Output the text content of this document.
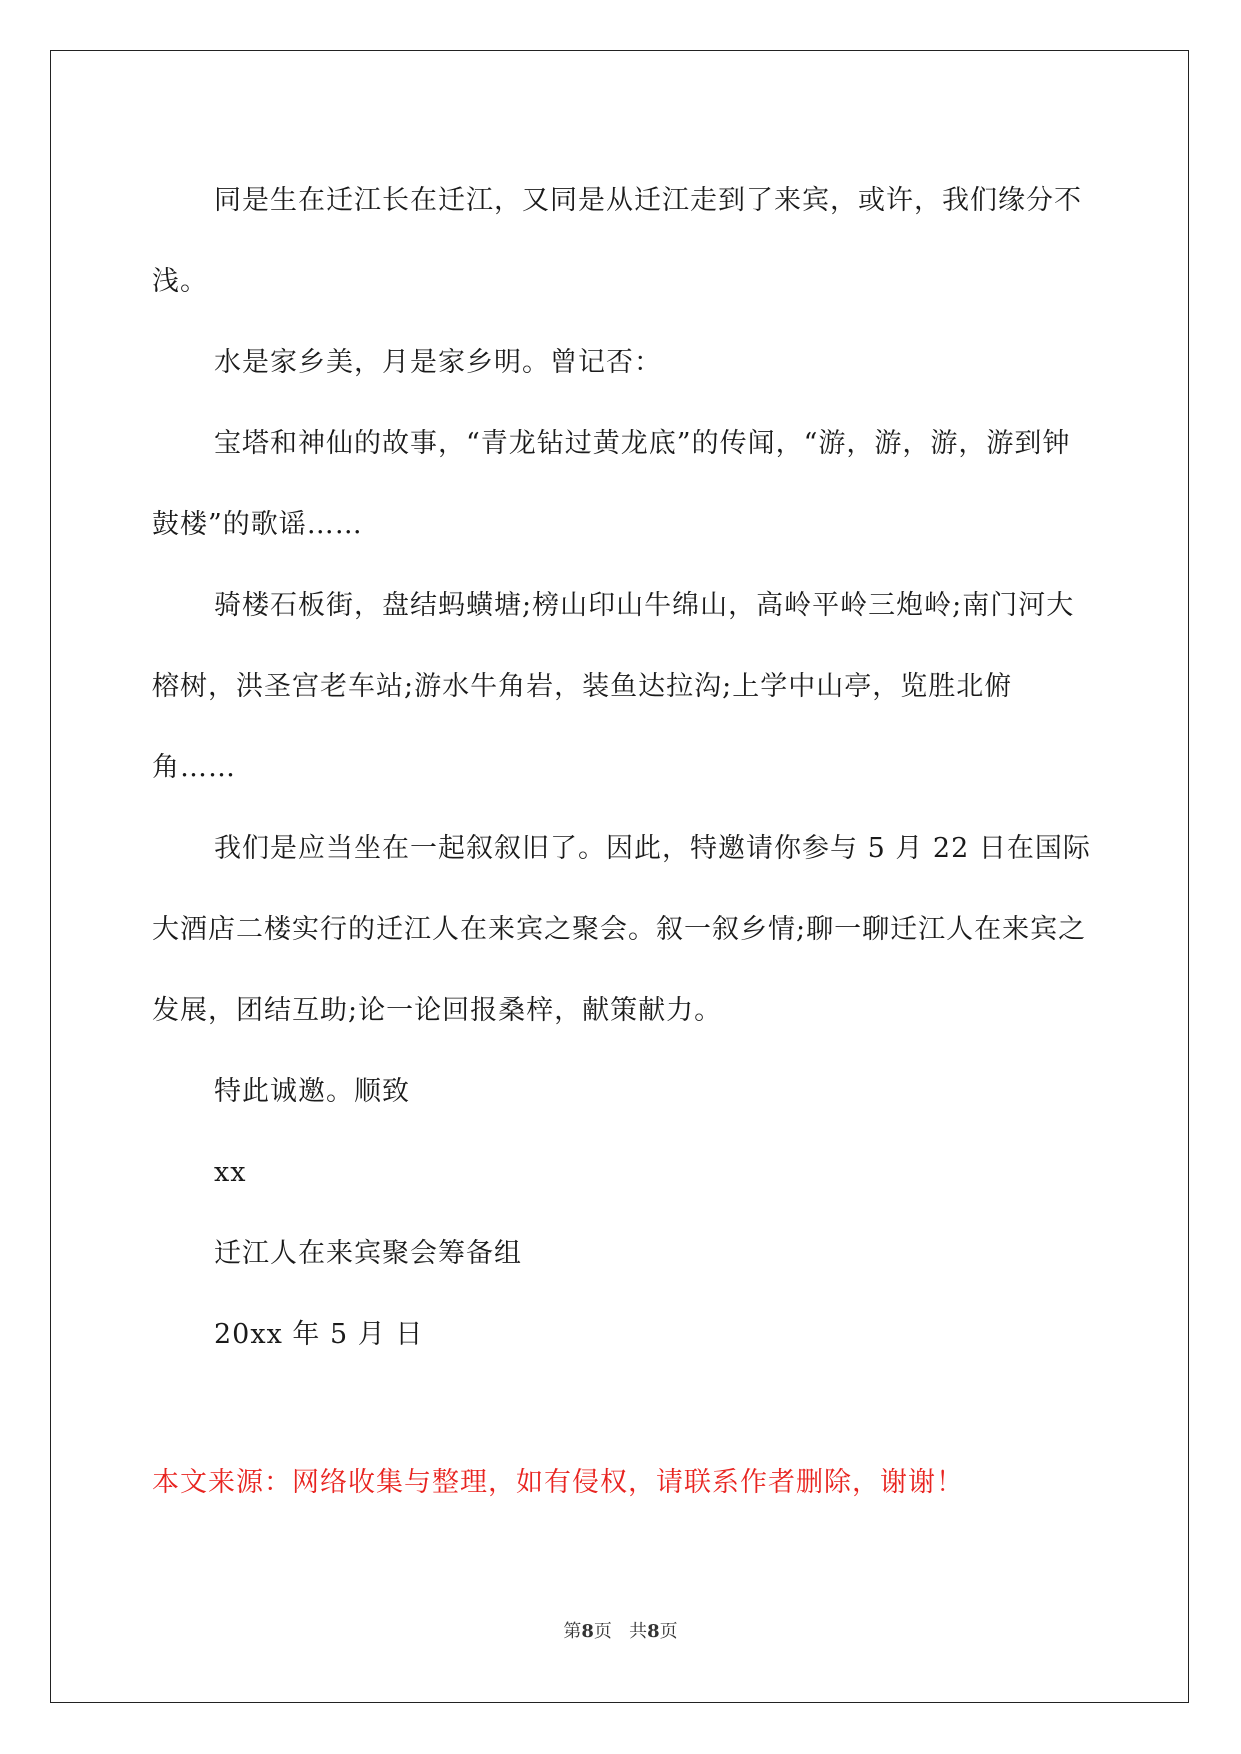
同是生在迁江长在迁江，又同是从迁江走到了来宾，或许，我们缘分不浅。

水是家乡美，月是家乡明。曾记否：

宝塔和神仙的故事，“青龙钻过黄龙底”的传闻，“游，游，游，游到钟鼓楼”的歌谣……

骑楼石板街，盘结蚂蟥塘;榜山印山牛绵山，高岭平岭三炮岭;南门河大榕树，洪圣宫老车站;游水牛角岩，装鱼达拉沟;上学中山亭，览胜北俯角……

我们是应当坐在一起叙叙旧了。因此，特邀请你参与 5 月 22 日在国际大酒店二楼实行的迁江人在来宾之聚会。叙一叙乡情;聊一聊迁江人在来宾之发展，团结互助;论一论回报桑梓，献策献力。

特此诚邀。顺致

xx

迁江人在来宾聚会筹备组

20xx 年 5 月 日

本文来源：网络收集与整理，如有侵权，请联系作者删除，谢谢！

第8页   共8页
